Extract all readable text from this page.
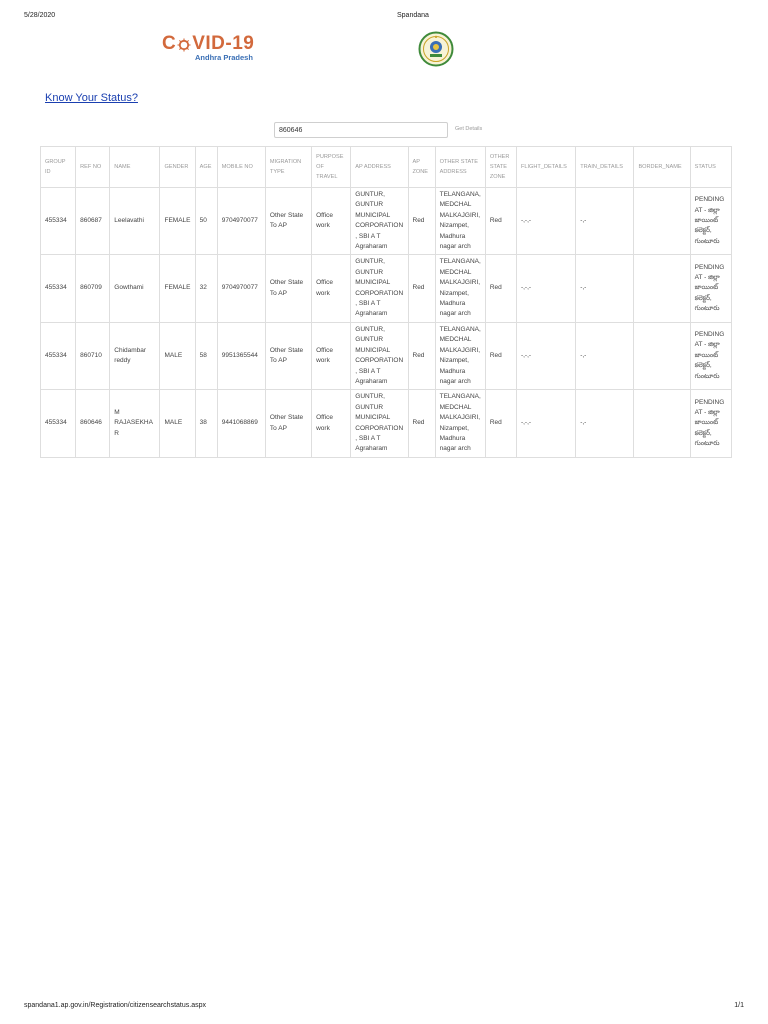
5/28/2020	Spandana
C VID-19
Andhra Pradesh
Know Your Status?
860646
Get Details
GROUP ID	REF NO	NAME	GENDER	AGE	MOBILE NO	MIGRATION TYPE	PURPOSE OF TRAVEL	AP ADDRESS	AP ZONE	OTHER STATE ADDRESS	OTHER STATE ZONE	FLIGHT_DETAILS	TRAIN_DETAILS	BORDER_NAME	STATUS
455334	860687	Leelavathi	FEMALE	50	9704970077	Other State To AP	Office work	GUNTUR, GUNTUR MUNICIPAL CORPORATION, SBI A T Agraharam	Red	TELANGANA, MEDCHAL MALKAJGIRI, Nizampet, Madhura nagar arch	Red	-,-,-	-,-		PENDING AT - జిల్లా జాయింట్ కలెక్టర్, గుంటూరు
455334	860709	Gowthami	FEMALE	32	9704970077	Other State To AP	Office work	GUNTUR, GUNTUR MUNICIPAL CORPORATION, SBI A T Agraharam	Red	TELANGANA, MEDCHAL MALKAJGIRI, Nizampet, Madhura nagar arch	Red	-,-,-	-,-		PENDING AT - జిల్లా జాయింట్ కలెక్టర్, గుంటూరు
455334	860710	Chidambar reddy	MALE	58	9951365544	Other State To AP	Office work	GUNTUR, GUNTUR MUNICIPAL CORPORATION, SBI A T Agraharam	Red	TELANGANA, MEDCHAL MALKAJGIRI, Nizampet, Madhura nagar arch	Red	-,-,-	-,-		PENDING AT - జిల్లా జాయింట్ కలెక్టర్, గుంటూరు
455334	860646	M RAJASEKHAR	MALE	38	9441068869	Other State To AP	Office work	GUNTUR, GUNTUR MUNICIPAL CORPORATION, SBI A T Agraharam	Red	TELANGANA, MEDCHAL MALKAJGIRI, Nizampet, Madhura nagar arch	Red	-,-,-	-,-		PENDING AT - జిల్లా జాయింట్ కలెక్టర్, గుంటూరు
spandana1.ap.gov.in/Registration/citizensearchstatus.aspx	1/1
